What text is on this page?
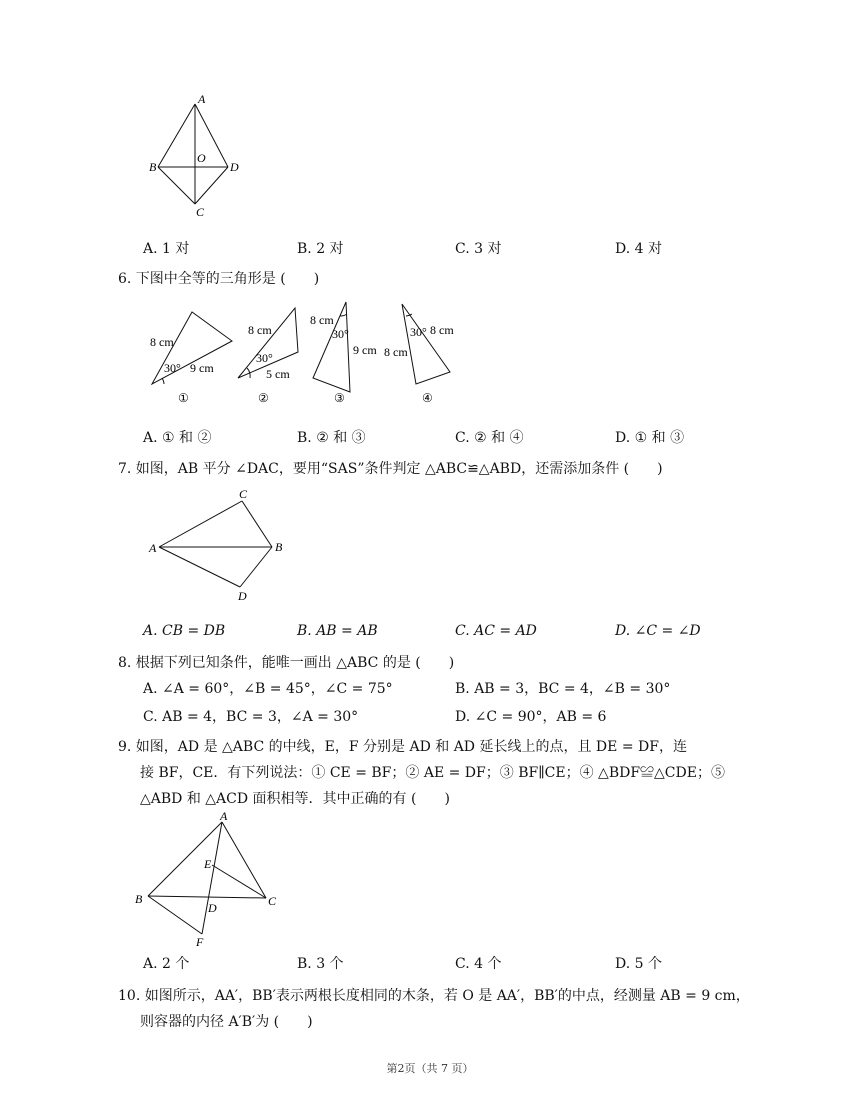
A
B
O
D
C
A. 1 对	B. 2 对	C. 3 对	D. 4 对
6. 下图中全等的三角形是 (　　)
8 cm
30° 9 cm
8 cm
30°
5 cm
8 cm
30°
9 cm
30° 8 cm
8 cm
①	②	③	④
A. ① 和 ②	B. ② 和 ③	C. ② 和 ④	D. ① 和 ③
7. 如图，AB 平分 ∠DAC，要用“SAS”条件判定 △ABC≌△ABD，还需添加条件 (　　)
C
A	B
D
A. CB = DB	B. AB = AB	C. AC = AD	D. ∠C = ∠D
8. 根据下列已知条件，能唯一画出 △ABC 的是 (　　)
A. ∠A = 60°，∠B = 45°，∠C = 75°	B. AB = 3，BC = 4，∠B = 30°
C. AB = 4，BC = 3，∠A = 30°	D. ∠C = 90°，AB = 6
9. 如图，AD 是 △ABC 的中线，E，F 分别是 AD 和 AD 延长线上的点，且 DE = DF，连
接 BF，CE．有下列说法：① CE = BF；② AE = DF；③ BF∥CE；④ △BDF≌△CDE；⑤
△ABD 和 △ACD 面积相等．其中正确的有 (　　)
A
E
B
D	C
F
A. 2 个	B. 3 个	C. 4 个	D. 5 个
10. 如图所示，AA′，BB′表示两根长度相同的木条，若 O 是 AA′，BB′的中点，经测量 AB = 9 cm，
则容器的内径 A′B′为 (　　)
第2页（共 7 页）
